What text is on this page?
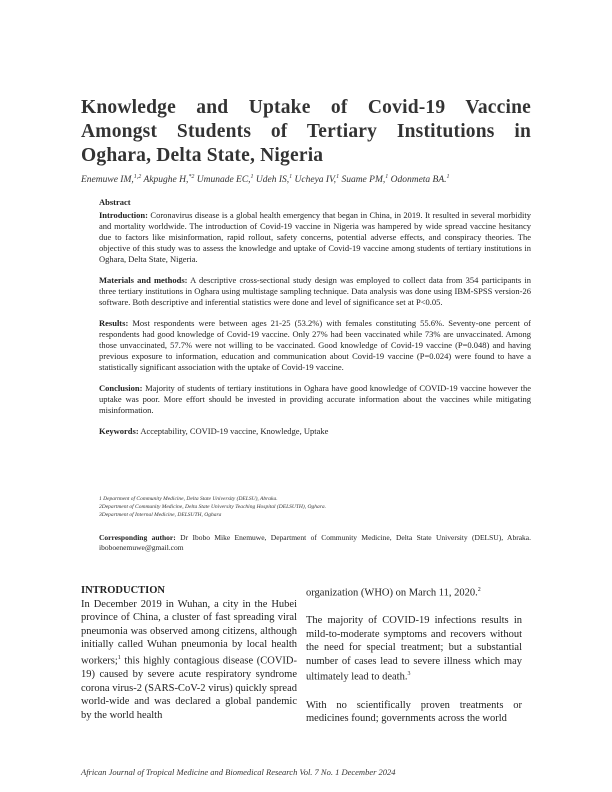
Knowledge and Uptake of Covid-19 Vaccine Amongst Students of Tertiary Institutions in Oghara, Delta State, Nigeria
Enemuwe IM,$^{1,2}$ Akpughe H,$^{*2}$ Umunade EC,$^1$ Udeh IS,$^1$ Ucheya IV,$^1$ Suame PM,$^1$ Odonmeta BA.$^1$
Abstract

Introduction: Coronavirus disease is a global health emergency that began in China, in 2019. It resulted in several morbidity and mortality worldwide. The introduction of Covid-19 vaccine in Nigeria was hampered by wide spread vaccine hesitancy due to factors like misinformation, rapid rollout, safety concerns, potential adverse effects, and conspiracy theories. The objective of this study was to assess the knowledge and uptake of Covid-19 vaccine among students of tertiary institutions in Oghara, Delta State, Nigeria.

Materials and methods: A descriptive cross-sectional study design was employed to collect data from 354 participants in three tertiary institutions in Oghara using multistage sampling technique. Data analysis was done using IBM-SPSS version-26 software. Both descriptive and inferential statistics were done and level of significance set at P<0.05.

Results: Most respondents were between ages 21-25 (53.2%) with females constituting 55.6%. Seventy-one percent of respondents had good knowledge of Covid-19 vaccine. Only 27% had been vaccinated while 73% are unvaccinated. Among those unvaccinated, 57.7% were not willing to be vaccinated. Good knowledge of Covid-19 vaccine (P=0.048) and having previous exposure to information, education and communication about Covid-19 vaccine (P=0.024) were found to have a statistically significant association with the uptake of Covid-19 vaccine.

Conclusion: Majority of students of tertiary institutions in Oghara have good knowledge of COVID-19 vaccine however the uptake was poor. More effort should be invested in providing accurate information about the vaccines while mitigating misinformation.

Keywords: Acceptability, COVID-19 vaccine, Knowledge, Uptake

1 Department of Community Medicine, Delta State University (DELSU), Abraka.
2Department of Community Medicine, Delta State University Teaching Hospital (DELSUTH), Oghara.
3Department of Internal Medicine, DELSUTH, Oghara
Corresponding author: Dr Ibobo Mike Enemuwe, Department of Community Medicine, Delta State University (DELSU), Abraka. iboboenemuwe@gmail.com
INTRODUCTION

In December 2019 in Wuhan, a city in the Hubei province of China, a cluster of fast spreading viral pneumonia was observed among citizens, although initially called Wuhan pneumonia by local health workers;$^1$ this highly contagious disease (COVID-19) caused by severe acute respiratory syndrome corona virus-2 (SARS-CoV-2 virus) quickly spread world-wide and was declared a global pandemic by the world health

organization (WHO) on March 11, 2020.$^2$

The majority of COVID-19 infections results in mild-to-moderate symptoms and recovers without the need for special treatment; but a substantial number of cases lead to severe illness which may ultimately lead to death.$^3$

With no scientifically proven treatments or medicines found; governments across the world

African Journal of Tropical Medicine and Biomedical Research Vol. 7 No. 1 December 2024
